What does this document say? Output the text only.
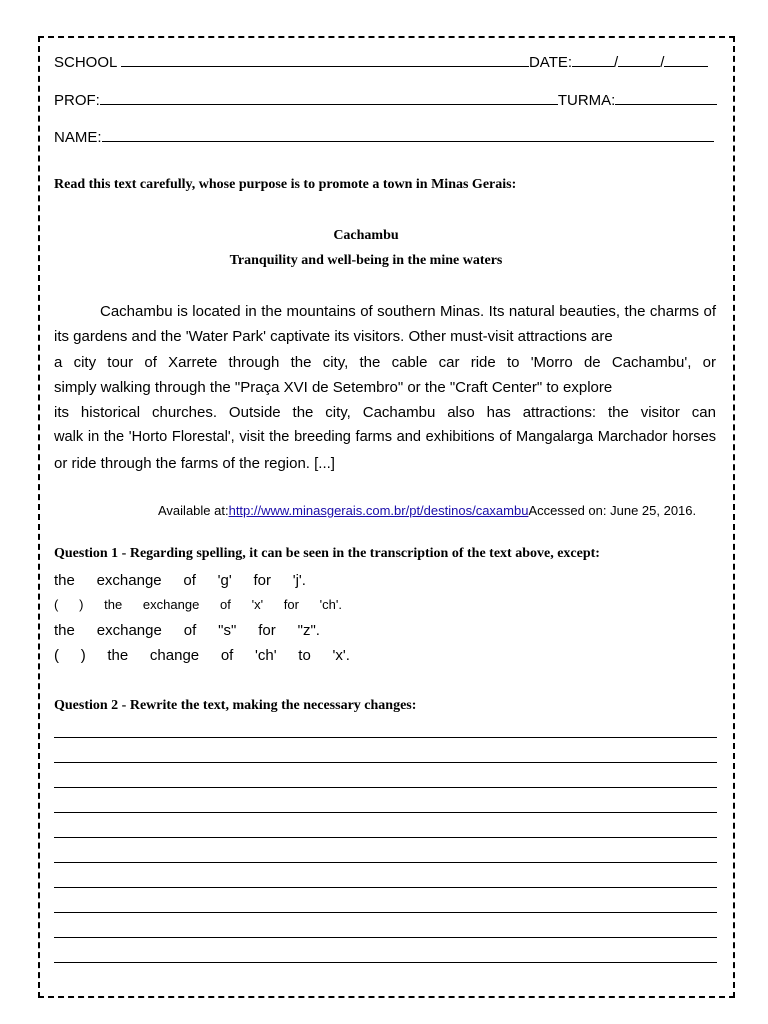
SCHOOL	DATE:	/	/
PROF:	TURMA:
NAME:
Read this text carefully, whose purpose is to promote a town in Minas Gerais:
Cachambu
Tranquility and well-being in the mine waters
Cachambu is located in the mountains of southern Minas. Its natural beauties, the charms of
its gardens and the 'Water Park' captivate its visitors. Other must-visit attractions are
a city tour of Xarrete through the city, the cable car ride to 'Morro de Cachambu', or
simply walking through the "Praça XVI de Setembro" or the "Craft Center" to explore
its historical churches. Outside the city, Cachambu also has attractions: the visitor can
walk in the 'Horto Florestal', visit the breeding farms and exhibitions of Mangalarga Marchador horses
or ride through the farms of the region. [...]
Available at:http://www.minasgerais.com.br/pt/destinos/caxambuAccessed on: June 25, 2016.
Question 1 - Regarding spelling, it can be seen in the transcription of the text above, except:
the exchange of 'g' for 'j'.
( ) the exchange of 'x' for 'ch'.
the exchange of "s" for "z".
( ) the change of 'ch' to 'x'.
Question 2 - Rewrite the text, making the necessary changes:
